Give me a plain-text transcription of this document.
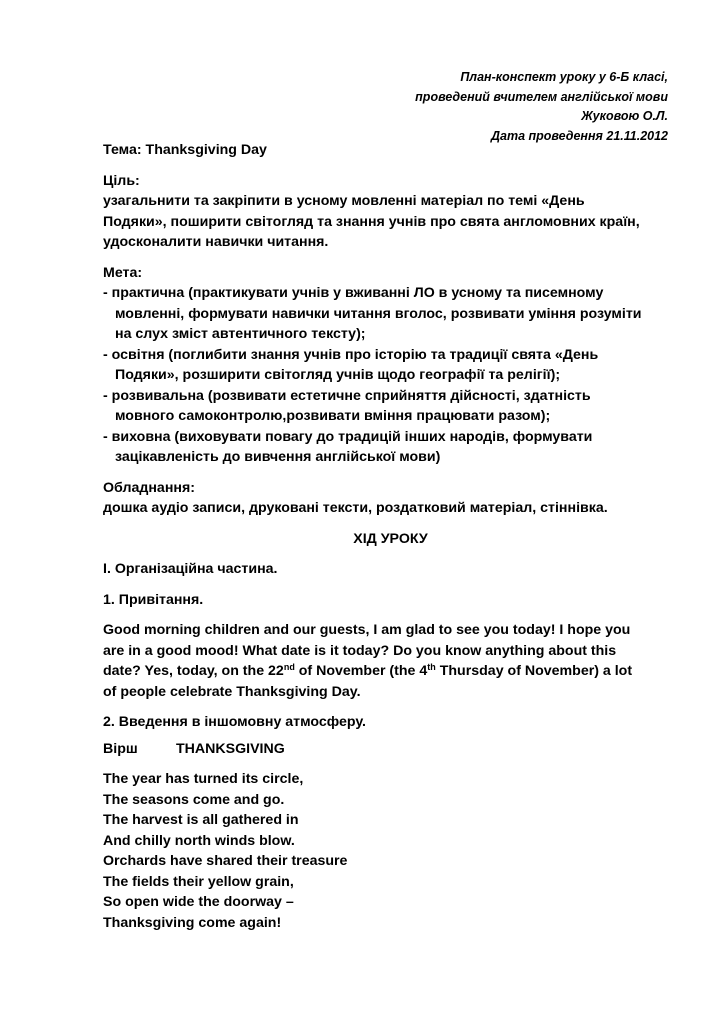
План-конспект уроку у 6-Б класі,
проведений вчителем англійської мови
Жуковою О.Л.
Дата проведення 21.11.2012

Тема: Thanksgiving Day

Ціль:

узагальнити та закріпити в усному мовленні матеріал по темі «День

Подяки», поширити світогляд та знання учнів про свята англомовних країн,

удосконалити навички читання.

Мета:

- практична (практикувати учнів у вживанні ЛО в усному та писемному

мовленні, формувати навички читання вголос, розвивати уміння розуміти

на слух зміст автентичного тексту);

- освітня (поглибити знання учнів про історію та традиції свята «День

Подяки», розширити світогляд учнів щодо географії та релігії);

- розвивальна (розвивати естетичне сприйняття дійсності, здатність

мовного самоконтролю,розвивати вміння працювати разом);

- виховна (виховувати повагу до традицій інших народів, формувати

зацікавленість до вивчення англійської мови)

Обладнання:

дошка аудіо записи, друковані тексти, роздатковий матеріал, стіннівка.

ХІД УРОКУ

I. Організаційна частина.

1. Привітання.

Good morning children and our guests, I am glad to see you today! I hope you

are in a good mood! What date is it today? Do you know anything about this

date? Yes, today, on the 22nd of November (the 4th Thursday of November) a lot

of people celebrate Thanksgiving Day.

2. Введення в іншомовну атмосферу.

Вірш	THANKSGIVING

The year has turned its circle,

The seasons come and go.

The harvest is all gathered in

And chilly north winds blow.

Orchards have shared their treasure

The fields their yellow grain,

So open wide the doorway –

Thanksgiving come again!
